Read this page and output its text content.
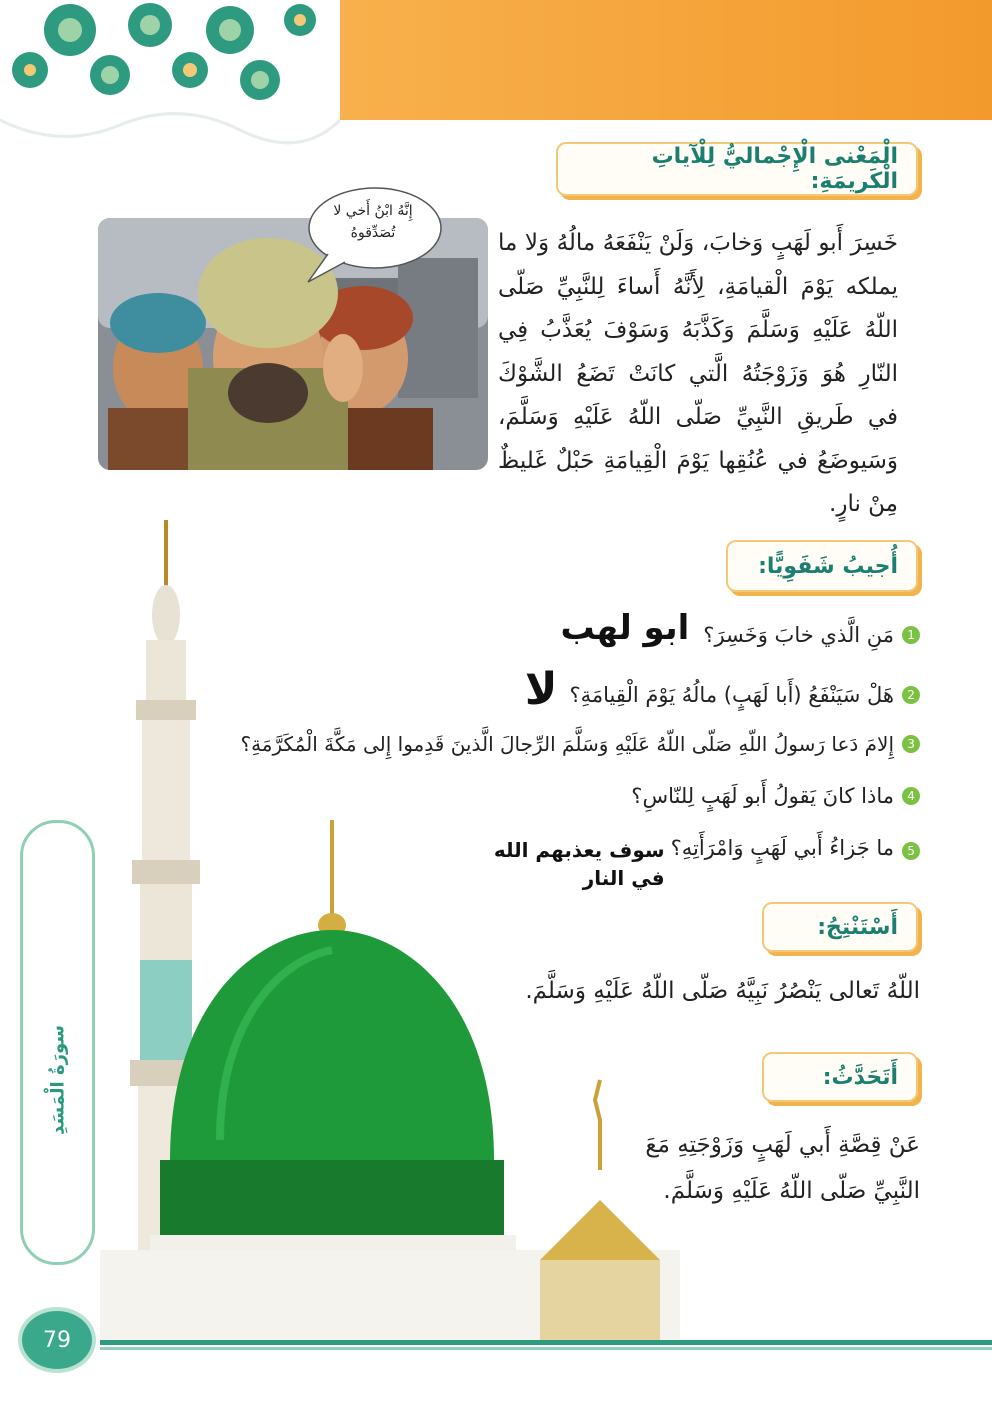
الْمَعْنى الْإِجْماليُّ لِلْآياتِ الْكَريمَةِ:
إِنَّهُ ابْنُ أَخي لا تُصَدِّقوهُ	خَسِرَ أَبو لَهَبٍ وَخابَ، وَلَنْ يَنْفَعَهُ مالُهُ وَلا ما يملكه يَوْمَ الْقيامَةِ، لِأَنَّهُ أَساءَ لِلنَّبِيِّ صَلّى اللّهُ عَلَيْهِ وَسَلَّمَ وَكَذَّبَهُ وَسَوْفَ يُعَذَّبُ فِي النّارِ هُوَ وَزَوْجَتُهُ الَّتي كانَتْ تَضَعُ الشَّوْكَ في طَريقِ النَّبِيِّ صَلّى اللّهُ عَلَيْهِ وَسَلَّمَ، وَسَيوضَعُ في عُنُقِها يَوْمَ الْقِيامَةِ حَبْلٌ غَليظٌ مِنْ نارٍ.
أُجيبُ شَفَوِيًّا:
1
مَنِ الَّذي خابَ وَخَسِرَ؟
ابو لهب
2
هَلْ سَيَنْفَعُ (أَبا لَهَبٍ) مالُهُ يَوْمَ الْقِيامَةِ؟
لا
3
إِلامَ دَعا رَسولُ اللّهِ صَلّى اللّهُ عَلَيْهِ وَسَلَّمَ الرِّجالَ الَّذينَ قَدِموا إِلى مَكَّةَ الْمُكَرَّمَةِ؟
4
ماذا كانَ يَقولُ أَبو لَهَبٍ لِلنّاسِ؟
5
ما جَزاءُ أَبي لَهَبٍ وَامْرَأَتِهِ؟
سوف يعذبهم الله في النار
أَسْتَنْتِجُ:
اللّهُ تَعالى يَنْصُرُ نَبِيَّهُ صَلّى اللّهُ عَلَيْهِ وَسَلَّمَ.
أَتَحَدَّثُ:
عَنْ قِصَّةِ أَبي لَهَبٍ وَزَوْجَتِهِ مَعَ
النَّبِيِّ صَلّى اللّهُ عَلَيْهِ وَسَلَّمَ.
سورَةُ الْمَسَدِ
79
